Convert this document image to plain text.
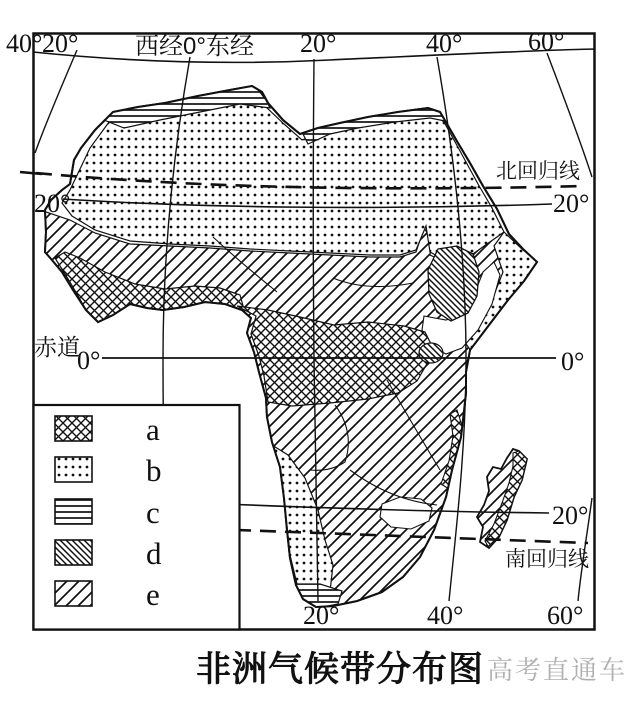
40° 20° 西经0°东经 20°	40°	60°
20°
赤道
0°
北回归线
20°
0°
20°
南回归线
20°	40°	60°
a
b
c
d
e
非洲气候带分布图 高考直通车
